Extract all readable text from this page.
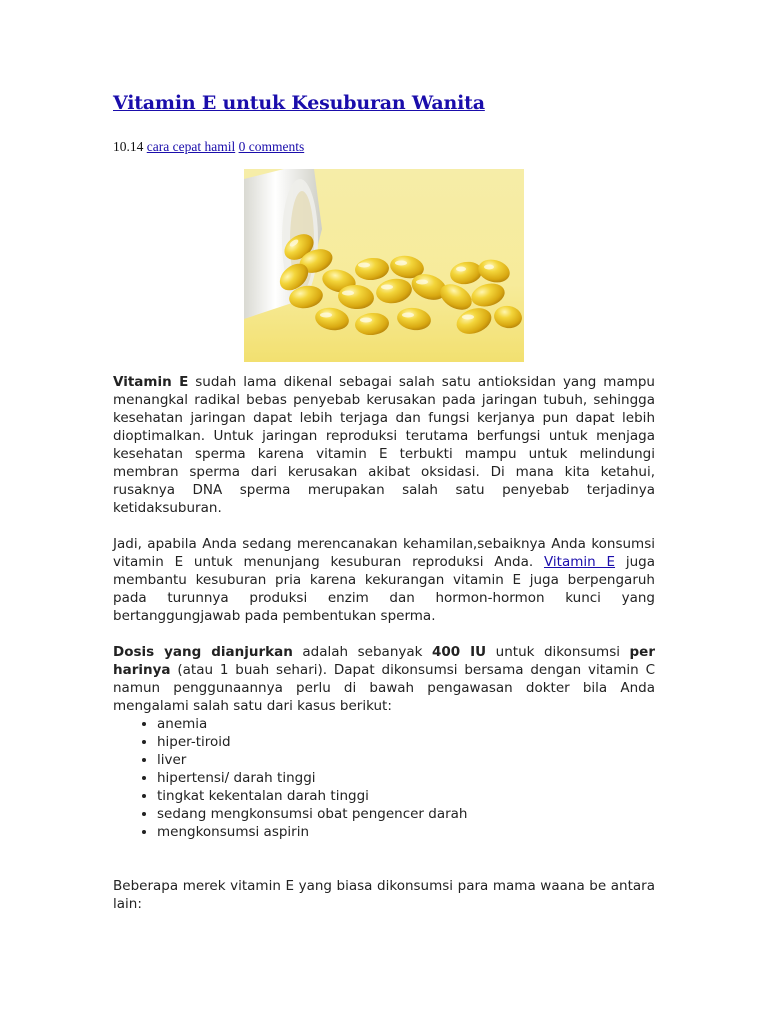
Vitamin E untuk Kesuburan Wanita
10.14 cara cepat hamil 0 comments

Vitamin E sudah lama dikenal sebagai salah satu antioksidan yang mampu menangkal radikal bebas penyebab kerusakan pada jaringan tubuh, sehingga kesehatan jaringan dapat lebih terjaga dan fungsi kerjanya pun dapat lebih dioptimalkan. Untuk jaringan reproduksi terutama berfungsi untuk menjaga kesehatan sperma karena vitamin E terbukti mampu untuk melindungi membran sperma dari kerusakan akibat oksidasi. Di mana kita ketahui, rusaknya DNA sperma merupakan salah satu penyebab terjadinya ketidaksuburan.

Jadi, apabila Anda sedang merencanakan kehamilan,sebaiknya Anda konsumsi vitamin E untuk menunjang kesuburan reproduksi Anda. Vitamin E juga membantu kesuburan pria karena kekurangan vitamin E juga berpengaruh pada turunnya produksi enzim dan hormon-hormon kunci yang bertanggungjawab pada pembentukan sperma.

Dosis yang dianjurkan adalah sebanyak 400 IU untuk dikonsumsi per harinya (atau 1 buah sehari). Dapat dikonsumsi bersama dengan vitamin C namun penggunaannya perlu di bawah pengawasan dokter bila Anda mengalami salah satu dari kasus berikut:

• anemia
• hiper-tiroid
• liver
• hipertensi/ darah tinggi
• tingkat kekentalan darah tinggi
• sedang mengkonsumsi obat pengencer darah
• mengkonsumsi aspirin

Beberapa merek vitamin E yang biasa dikonsumsi para mama waana be antara lain:
